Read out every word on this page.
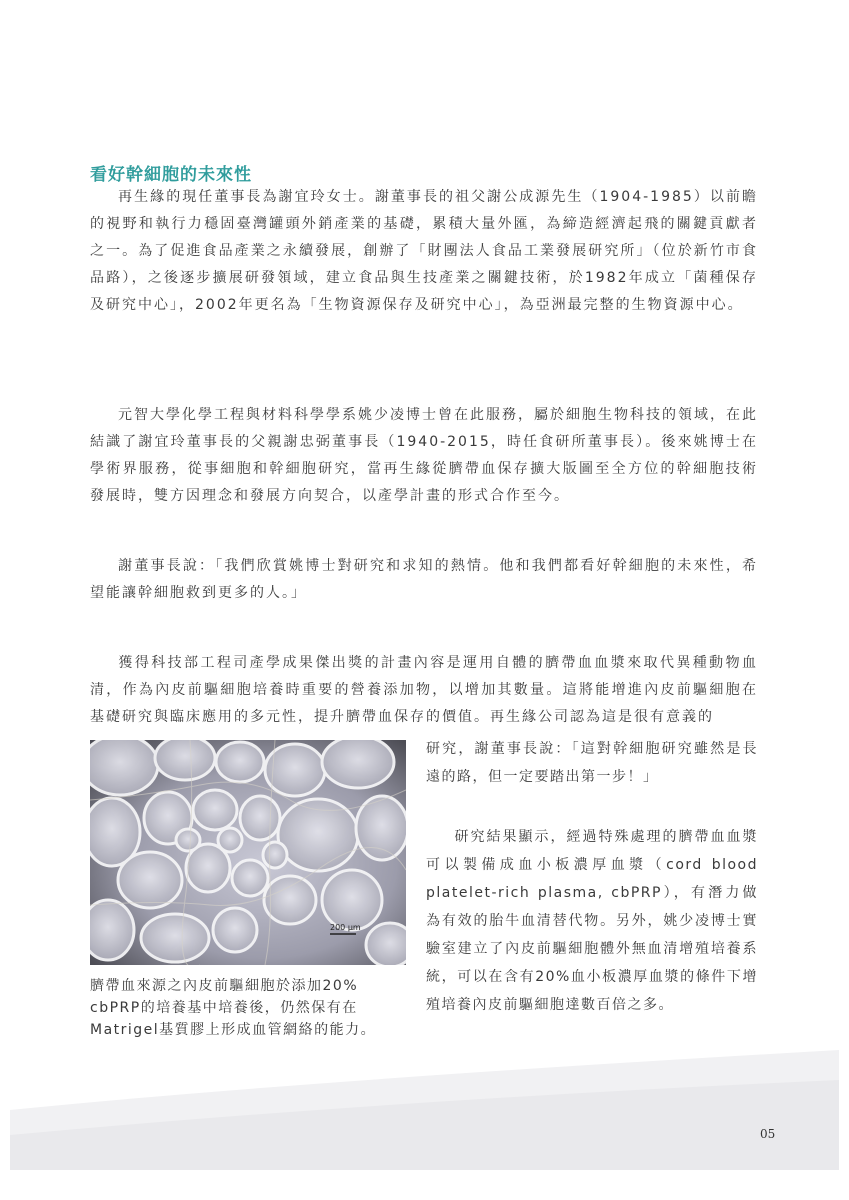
看好幹細胞的未來性

再生緣的現任董事長為謝宜玲女士。謝董事長的祖父謝公成源先生（1904-1985）以前瞻的視野和執行力穩固臺灣罐頭外銷產業的基礎，累積大量外匯，為締造經濟起飛的關鍵貢獻者之一。為了促進食品產業之永續發展，創辦了「財團法人食品工業發展研究所」（位於新竹市食品路），之後逐步擴展研發領域，建立食品與生技產業之關鍵技術，於1982年成立「菌種保存及研究中心」，2002年更名為「生物資源保存及研究中心」，為亞洲最完整的生物資源中心。

元智大學化學工程與材料科學學系姚少凌博士曾在此服務，屬於細胞生物科技的領域，在此結識了謝宜玲董事長的父親謝忠弼董事長（1940-2015，時任食研所董事長）。後來姚博士在學術界服務，從事細胞和幹細胞研究，當再生緣從臍帶血保存擴大版圖至全方位的幹細胞技術發展時，雙方因理念和發展方向契合，以產學計畫的形式合作至今。

謝董事長說：「我們欣賞姚博士對研究和求知的熱情。他和我們都看好幹細胞的未來性，希望能讓幹細胞救到更多的人。」

獲得科技部工程司產學成果傑出獎的計畫內容是運用自體的臍帶血血漿來取代異種動物血清，作為內皮前驅細胞培養時重要的營養添加物，以增加其數量。這將能增進內皮前驅細胞在基礎研究與臨床應用的多元性，提升臍帶血保存的價值。再生緣公司認為這是很有意義的

200 μm

臍帶血來源之內皮前驅細胞於添加20% cbPRP的培養基中培養後，仍然保有在Matrigel基質膠上形成血管網絡的能力。

研究，謝董事長說：「這對幹細胞研究雖然是長遠的路，但一定要踏出第一步！」

研究結果顯示，經過特殊處理的臍帶血血漿可以製備成血小板濃厚血漿（cord blood platelet-rich plasma, cbPRP），有潛力做為有效的胎牛血清替代物。另外，姚少凌博士實驗室建立了內皮前驅細胞體外無血清增殖培養系統，可以在含有20%血小板濃厚血漿的條件下增殖培養內皮前驅細胞達數百倍之多。

05
